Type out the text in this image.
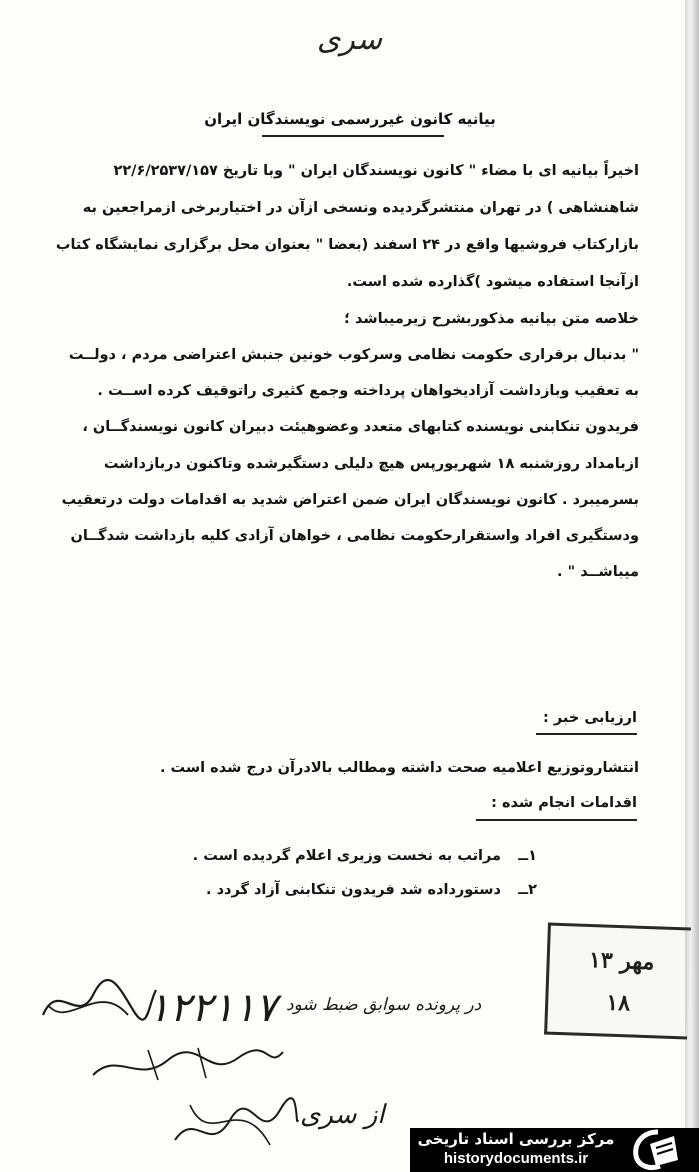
سری
بیانیه کانون غیررسمی نویسندگان ایران
اخیراً بیانیه ای با مضاء " کانون نویسندگان ایران " وبا تاریخ ۲۲/۶/۲۵۳۷/۱۵۷
شاهنشاهی ) در تهران منتشرگردیده ونسخی ازآن در اختیاربرخی ازمراجعین به
بازارکتاب فروشیها واقع در ۲۴ اسفند (بعضا " بعنوان محل برگزاری نمایشگاه کتاب
ازآنجا استفاده میشود )گذارده شده است.
خلاصه متن بیانیه مذکوربشرح زیرمیباشد ؛
" بدنبال برقراری حکومت نظامی وسرکوب خونین جنبش اعتراضی مردم ، دولــت
به تعقیب وبازداشت آزادیخواهان پرداخته وجمع کثیری راتوقیف کرده اســت .
فریدون تنکابنی نویسنده کتابهای متعدد وعضوهیئت دبیران کانون نویسندگــان ،
ازبامداد روزشنبه ۱۸ شهریورپس هیچ دلیلی دستگیرشده وتاکنون دربازداشت
بسرمیبرد . کانون نویسندگان ایران ضمن اعتراض شدید به اقدامات دولت درتعقیب
ودستگیری افراد واستقرارحکومت نظامی ، خواهان آزادی کلیه بازداشت شدگــان
میباشــد " .
ارزیابی خبر :
انتشاروتوزیع اعلامیه صحت داشته ومطالب بالادرآن درج شده است .
اقدامات انجام شده :
۱ــ
مراتب به نخست وزیری اعلام گردیده است .
۲ــ
دستورداده شد فریدون تنکابنی آزاد گردد .
۱۳ مهر
۱۸
۱۲۲۱۱۷ در پرونده سوابق ضبط شود
از سری
مرکز بررسی اسناد تاریخی
historydocuments.ir
